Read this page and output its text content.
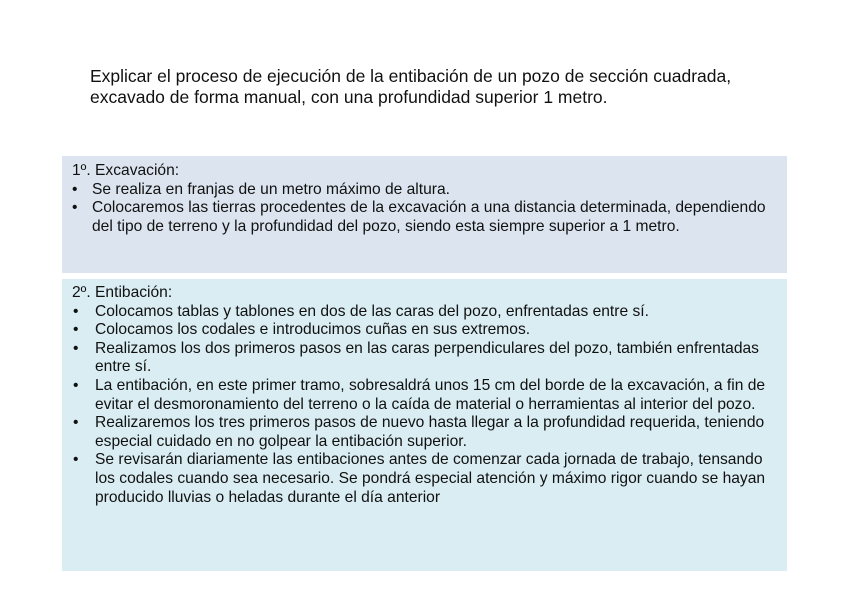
Explicar el proceso de ejecución de la entibación de un pozo de sección cuadrada, excavado de forma manual, con una profundidad superior 1 metro.
1º. Excavación:
• Se realiza en franjas de un metro máximo de altura.
• Colocaremos las tierras procedentes de la excavación a una distancia determinada, dependiendo del tipo de terreno y la profundidad del pozo, siendo esta siempre superior a 1 metro.
2º. Entibación:
• Colocamos tablas y tablones en dos de las caras del pozo, enfrentadas entre sí.
• Colocamos los codales e introducimos cuñas en sus extremos.
• Realizamos los dos primeros pasos en las caras perpendiculares del pozo, también enfrentadas entre sí.
• La entibación, en este primer tramo, sobresaldrá unos 15 cm del borde de la excavación, a fin de evitar el desmoronamiento del terreno o la caída de material o herramientas al interior del pozo.
• Realizaremos los tres primeros pasos de nuevo hasta llegar a la profundidad requerida, teniendo especial cuidado en no golpear la entibación superior.
• Se revisarán diariamente las entibaciones antes de comenzar cada jornada de trabajo, tensando los codales cuando sea necesario. Se pondrá especial atención y máximo rigor cuando se hayan producido lluvias o heladas durante el día anterior
